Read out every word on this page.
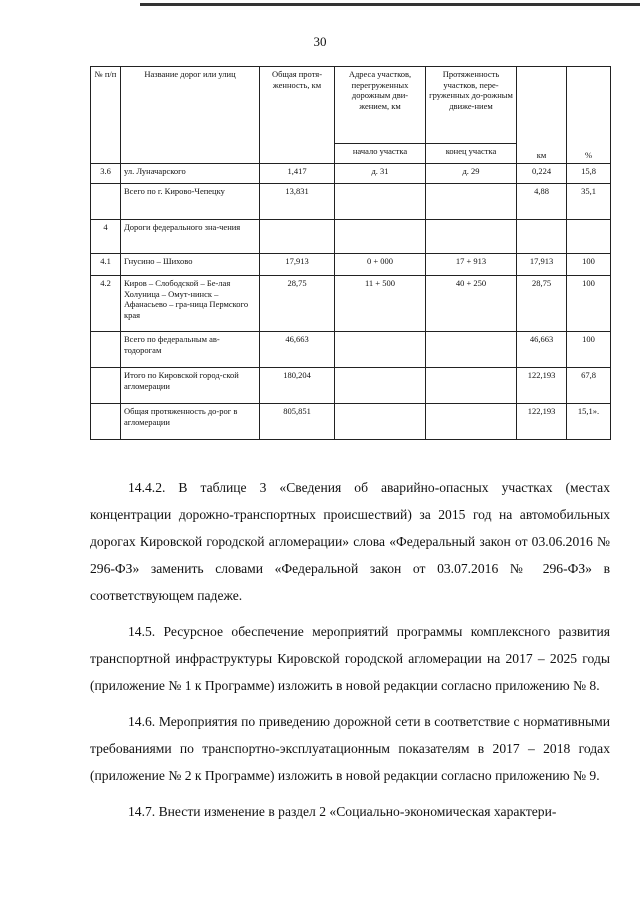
30
№ п/п	Название дорог или улиц	Общая протя-женность, км	Адреса участков, перегруженных дорожным дви-жением, км	Протяженность участков, пере-груженных до-рожным движе-нием	км	%
			начало участка	конец участка		
3.6	ул. Луначарского	1,417	д. 31	д. 29	0,224	15,8
	Всего по г. Кирово-Чепецку	13,831			4,88	35,1
4	Дороги федерального зна-чения					
4.1	Гнусино – Шихово	17,913	0 + 000	17 + 913	17,913	100
4.2	Киров – Слободской – Бе-лая Холуница – Омут-нинск – Афанасьево – гра-ница Пермского края	28,75	11 + 500	40 + 250	28,75	100
	Всего по федеральным ав-тодорогам	46,663			46,663	100
	Итого по Кировской город-ской агломерации	180,204			122,193	67,8
	Общая протяженность до-рог в агломерации	805,851			122,193	15,1».

14.4.2. В таблице 3 «Сведения об аварийно-опасных участках (местах концентрации дорожно-транспортных происшествий) за 2015 год на автомобильных дорогах Кировской городской агломерации» слова «Федеральный закон от 03.06.2016 № 296-ФЗ» заменить словами «Федеральной закон от 03.07.2016 № 296-ФЗ» в соответствующем падеже.

14.5. Ресурсное обеспечение мероприятий программы комплексного развития транспортной инфраструктуры Кировской городской агломерации на 2017 – 2025 годы (приложение № 1 к Программе) изложить в новой редакции согласно приложению № 8.

14.6. Мероприятия по приведению дорожной сети в соответствие с нормативными требованиями по транспортно-эксплуатационным показателям в 2017 – 2018 годах (приложение № 2 к Программе) изложить в новой редакции согласно приложению № 9.

14.7. Внести изменение в раздел 2 «Социально-экономическая характери-
